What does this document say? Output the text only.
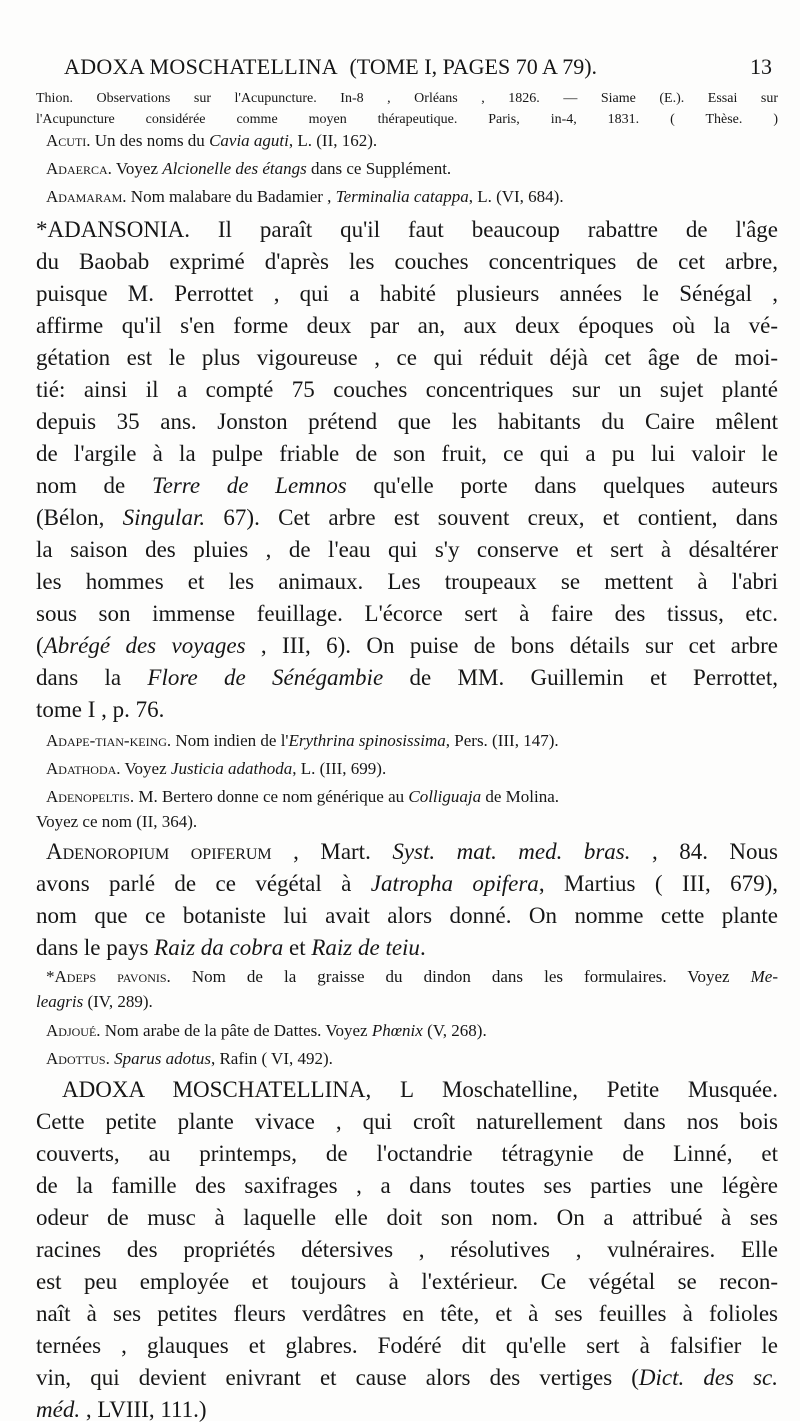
ADOXA MOSCHATELLINA (TOME I, PAGES 70 A 79).	13

Thion. Observations sur l'Acupuncture. In-8 , Orléans , 1826. — Siame (E.). Essai sur

l'Acupuncture considérée comme moyen thérapeutique. Paris, in-4, 1831. ( Thèse. )

Acuti. Un des noms du Cavia aguti, L. (II, 162).

Adaerca. Voyez Alcionelle des étangs dans ce Supplément.

Adamaram. Nom malabare du Badamier , Terminalia catappa, L. (VI, 684).

*ADANSONIA. Il paraît qu'il faut beaucoup rabattre de l'âge

du Baobab exprimé d'après les couches concentriques de cet arbre,

puisque M. Perrottet , qui a habité plusieurs années le Sénégal ,

affirme qu'il s'en forme deux par an, aux deux époques où la vé-

gétation est le plus vigoureuse , ce qui réduit déjà cet âge de moi-

tié: ainsi il a compté 75 couches concentriques sur un sujet planté

depuis 35 ans. Jonston prétend que les habitants du Caire mêlent

de l'argile à la pulpe friable de son fruit, ce qui a pu lui valoir le

nom de Terre de Lemnos qu'elle porte dans quelques auteurs

(Bélon, Singular. 67). Cet arbre est souvent creux, et contient, dans

la saison des pluies , de l'eau qui s'y conserve et sert à désaltérer

les hommes et les animaux. Les troupeaux se mettent à l'abri

sous son immense feuillage. L'écorce sert à faire des tissus, etc.

(Abrégé des voyages , III, 6). On puise de bons détails sur cet arbre

dans la Flore de Sénégambie de MM. Guillemin et Perrottet,

tome I , p. 76.

Adape-tian-keing. Nom indien de l'Erythrina spinosissima, Pers. (III, 147).

Adathoda. Voyez Justicia adathoda, L. (III, 699).

Adenopeltis. M. Bertero donne ce nom générique au Colliguaja de Molina.

Voyez ce nom (II, 364).

Adenoropium opiferum , Mart. Syst. mat. med. bras. , 84. Nous

avons parlé de ce végétal à Jatropha opifera, Martius ( III, 679),

nom que ce botaniste lui avait alors donné. On nomme cette plante

dans le pays Raiz da cobra et Raiz de teiu.

*Adeps pavonis. Nom de la graisse du dindon dans les formulaires. Voyez Me-

leagris (IV, 289).

Adjoué. Nom arabe de la pâte de Dattes. Voyez Phœnix (V, 268).

Adottus. Sparus adotus, Rafin ( VI, 492).

ADOXA MOSCHATELLINA, L Moschatelline, Petite Musquée.

Cette petite plante vivace , qui croît naturellement dans nos bois

couverts, au printemps, de l'octandrie tétragynie de Linné, et

de la famille des saxifrages , a dans toutes ses parties une légère

odeur de musc à laquelle elle doit son nom. On a attribué à ses

racines des propriétés détersives , résolutives , vulnéraires. Elle

est peu employée et toujours à l'extérieur. Ce végétal se recon-

naît à ses petites fleurs verdâtres en tête, et à ses feuilles à folioles

ternées , glauques et glabres. Fodéré dit qu'elle sert à falsifier le

vin, qui devient enivrant et cause alors des vertiges (Dict. des sc.

méd. , LVIII, 111.)
